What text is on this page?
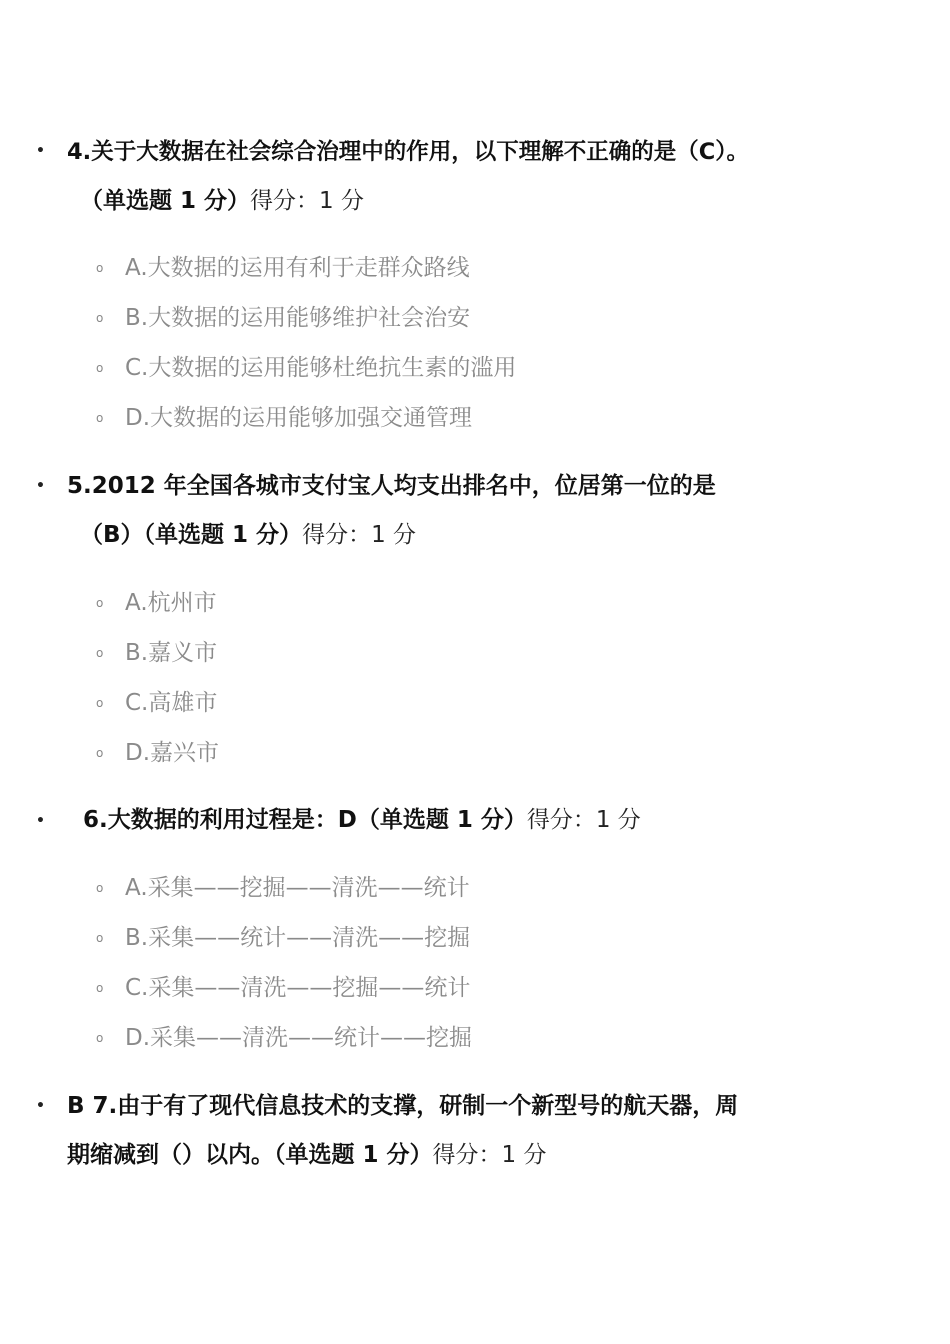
• 4.关于大数据在社会综合治理中的作用，以下理解不正确的是（C）。
（单选题 1 分）得分：1 分
o A.大数据的运用有利于走群众路线
o B.大数据的运用能够维护社会治安
o C.大数据的运用能够杜绝抗生素的滥用
o D.大数据的运用能够加强交通管理
• 5.2012 年全国各城市支付宝人均支出排名中，位居第一位的是
（B）（单选题 1 分）得分：1 分
o A.杭州市
o B.嘉义市
o C.高雄市
o D.嘉兴市
• 6.大数据的利用过程是：D（单选题 1 分）得分：1 分
o A.采集——挖掘——清洗——统计
o B.采集——统计——清洗——挖掘
o C.采集——清洗——挖掘——统计
o D.采集——清洗——统计——挖掘
• B 7.由于有了现代信息技术的支撑，研制一个新型号的航天器，周
期缩减到（）以内。（单选题 1 分）得分：1 分
